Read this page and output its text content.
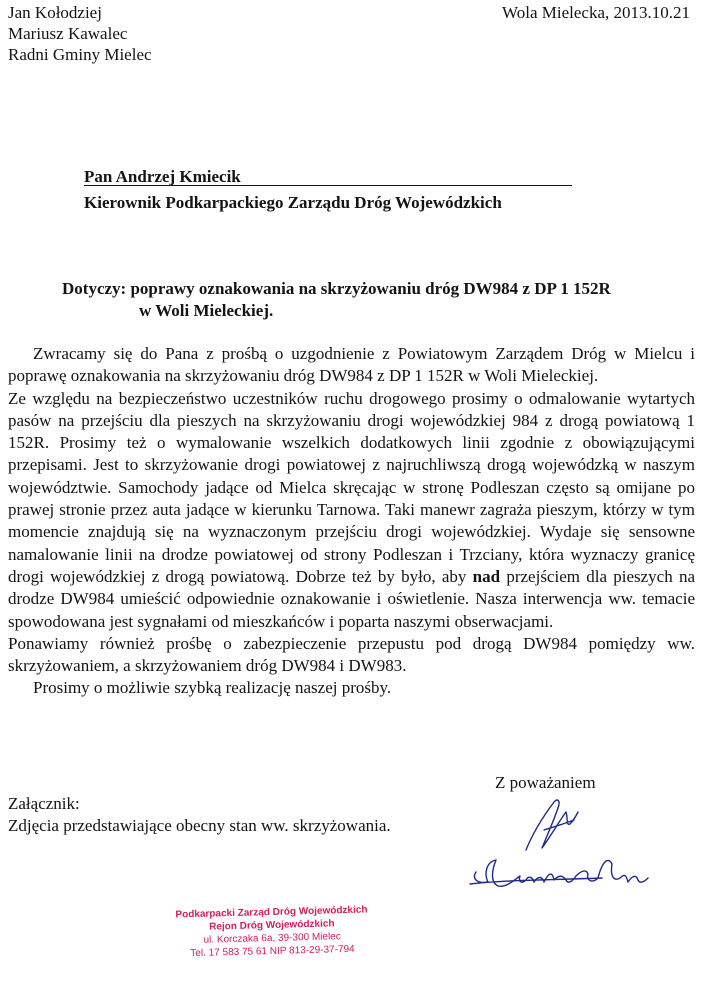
Jan Kołodziej
Mariusz Kawalec
Radni Gminy Mielec
Wola Mielecka, 2013.10.21
Pan Andrzej Kmiecik
Kierownik Podkarpackiego Zarządu Dróg Wojewódzkich
Dotyczy: poprawy oznakowania na skrzyżowaniu dróg DW984 z DP 1 152R
w Woli Mieleckiej.

Zwracamy się do Pana z prośbą o uzgodnienie z Powiatowym Zarządem Dróg w Mielcu i poprawę oznakowania na skrzyżowaniu dróg DW984 z DP 1 152R w Woli Mieleckiej.

Ze względu na bezpieczeństwo uczestników ruchu drogowego prosimy o odmalowanie wytartych pasów na przejściu dla pieszych na skrzyżowaniu drogi wojewódzkiej 984 z drogą powiatową 1 152R. Prosimy też o wymalowanie wszelkich dodatkowych linii zgodnie z obowiązującymi przepisami. Jest to skrzyżowanie drogi powiatowej z najruchliwszą drogą wojewódzką w naszym województwie. Samochody jadące od Mielca skręcając w stronę Podleszan często są omijane po prawej stronie przez auta jadące w kierunku Tarnowa. Taki manewr zagraża pieszym, którzy w tym momencie znajdują się na wyznaczonym przejściu drogi wojewódzkiej. Wydaje się sensowne namalowanie linii na drodze powiatowej od strony Podleszan i Trzciany, która wyznaczy granicę drogi wojewódzkiej z drogą powiatową. Dobrze też by było, aby nad przejściem dla pieszych na drodze DW984 umieścić odpowiednie oznakowanie i oświetlenie. Nasza interwencja ww. temacie spowodowana jest sygnałami od mieszkańców i poparta naszymi obserwacjami.

Ponawiamy również prośbę o zabezpieczenie przepustu pod drogą DW984 pomiędzy ww. skrzyżowaniem, a skrzyżowaniem dróg DW984 i DW983.

Prosimy o możliwie szybką realizację naszej prośby.

Z poważaniem
Załącznik:
Zdjęcia przedstawiające obecny stan ww. skrzyżowania.
Podkarpacki Zarząd Dróg Wojewódzkich
Rejon Dróg Wojewódzkich
ul. Korczaka 6a, 39-300 Mielec
Tel. 17 583 75 61 NIP 813-29-37-794
